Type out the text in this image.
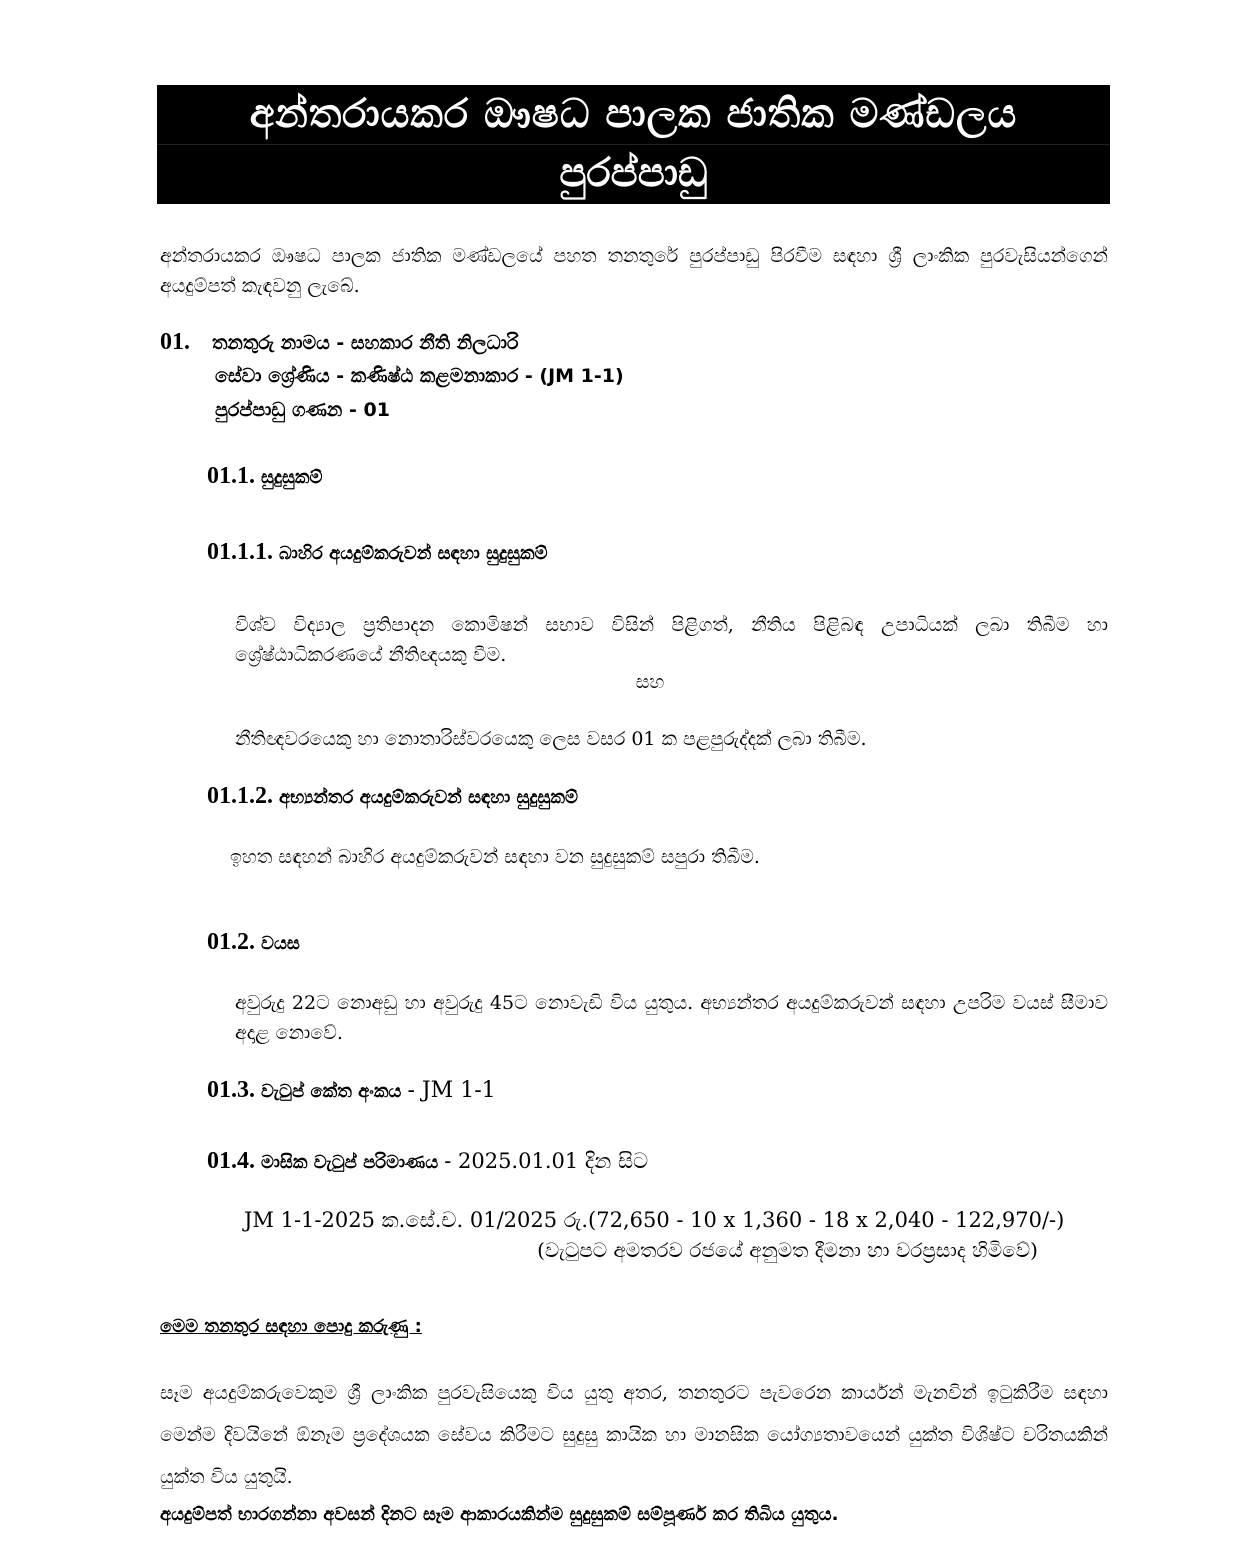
අන්තරායකර ඖෂධ පාලක ජාතික මණ්ඩලය
පුරප්පාඩු
අන්තරායකර ඖෂධ පාලක ජාතික මණ්ඩලයේ පහත තනතුරේ පුරප්පාඩු පිරවීම සඳහා ශ්‍රී ලාංකික පුරවැසියන්ගෙන් අයදුම්පත් කැඳවනු ලැබේ.
01. තනතුරු නාමය - සහකාර නීති නිලධාරි
සේවා ශ්‍රේණිය - කණිෂ්ඨ කළමනාකාර - (JM 1-1)
පුරප්පාඩු ගණන - 01
01.1. සුදුසුකම්
01.1.1. බාහිර අයදුම්කරුවන් සඳහා සුදුසුකම්
විශ්ව විද්‍යාල ප්‍රතිපාදන කොමිෂන් සභාව විසින් පිළිගත්, නීතිය පිළිබඳ උපාධියක් ලබා තිබීම හා ශ්‍රේෂ්ඨාධිකරණයේ නීතිඥයකු වීම.
සහ
නීතිඥවරයෙකු හා නොතාරිස්වරයෙකු ලෙස වසර 01 ක පළපුරුද්දක් ලබා තිබීම.
01.1.2. අභ්‍යන්තර අයදුම්කරුවන් සඳහා සුදුසුකම්
ඉහත සඳහන් බාහිර අයදුම්කරුවන් සඳහා වන සුදුසුකම් සපුරා තිබීම.
01.2. වයස
අවුරුදු 22ට නොඅඩු හා අවුරුදු 45ට නොවැඩි විය යුතුය. අභ්‍යන්තර අයදුම්කරුවන් සඳහා උපරිම වයස් සීමාව අදාළ නොවේ.
01.3. වැටුප් කේත අංකය - JM 1-1
01.4. මාසික වැටුප් පරිමාණය - 2025.01.01 දින සිට
JM 1-1-2025 ක.සේ.ච. 01/2025 රු.(72,650 - 10 x 1,360 - 18 x 2,040 - 122,970/-)
(වැටුපට අමතරව රජයේ අනුමත දීමනා හා වරප්‍රසාද හිමිවේ)
මෙම තනතුර සඳහා පොදු කරුණු :
සෑම අයදුම්කරුවෙකුම ශ්‍රී ලාංකික පුරවැසියෙකු විය යුතු අතර, තනතුරට පැවරෙන කාර්යන් මැනවින් ඉටුකිරීම සඳහා මෙන්ම දිවයිනේ ඕනෑම ප්‍රදේශයක සේවය කිරීමට සුදුසු කායික හා මානසික යෝග්‍යතාවයෙන් යුක්ත විශිෂ්ට චරිතයකින් යුක්ත විය යුතුයි.
අයදුම්පත් භාරගන්නා අවසන් දිනට සෑම ආකාරයකින්ම සුදුසුකම් සම්පූර්ණ කර තිබිය යුතුය.
